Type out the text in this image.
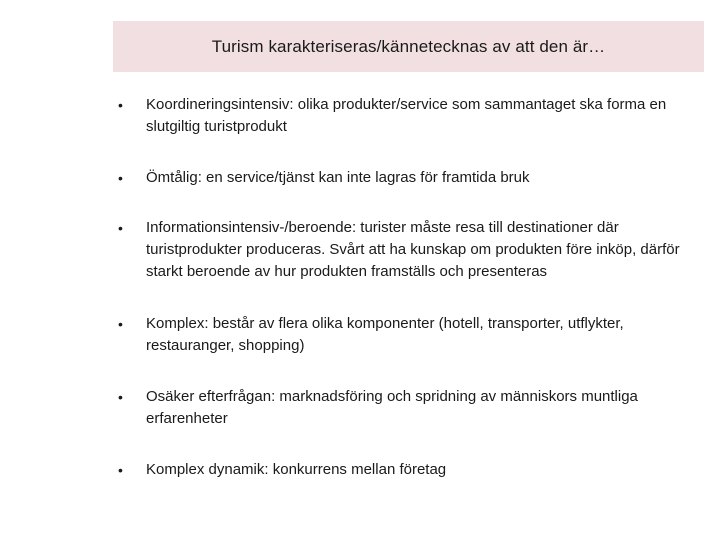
Turism karakteriseras/kännetecknas av att den är…
•	Koordineringsintensiv: olika produkter/service som sammantaget ska forma en slutgiltig turistprodukt
•	Ömtålig: en service/tjänst kan inte lagras för framtida bruk
•	Informationsintensiv-/beroende: turister måste resa till destinationer där turistprodukter produceras. Svårt att ha kunskap om produkten före inköp, därför starkt beroende av hur produkten framställs och presenteras
•	Komplex: består av flera olika komponenter (hotell, transporter, utflykter, restauranger, shopping)
•	Osäker efterfrågan: marknadsföring och spridning av människors muntliga erfarenheter
•	Komplex dynamik: konkurrens mellan företag
